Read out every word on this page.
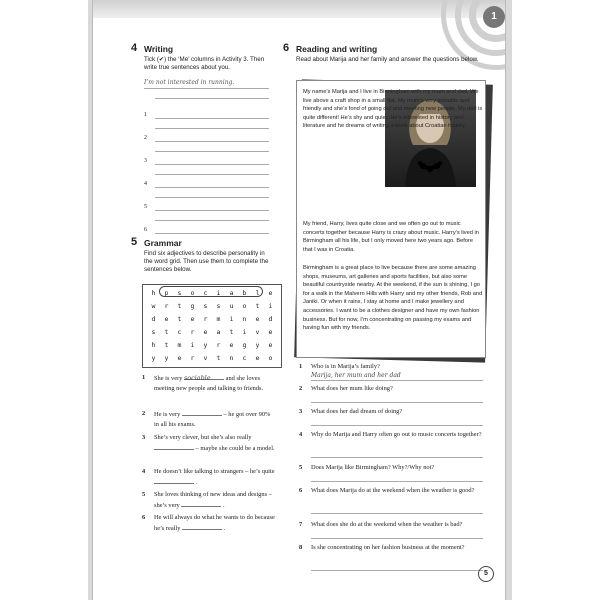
1
4 Writing
Tick (✔) the ‘Me’ columns in Activity 3. Then write true sentences about you.
I’m not interested in running.
1
2
3
4
5
6
5 Grammar
Find six adjectives to describe personality in the word grid. Then use them to complete the sentences below.
h	p	s	o	c	i	a	b	l	e
w	r	t	g	s	s	u	o	t	i
d	e	t	e	r	m	i	n	e	d
s	t	c	r	e	a	t	i	v	e
h	t	m	i	y	r	e	g	y	e
y	y	e	r	v	t	n	c	e	o
1 She is very sociable and she loves meeting new people and talking to friends.
2 He is very	– he got over 90% in all his exams.
3 She’s very clever, but she’s also really  – maybe she could be a model.
4 He doesn’t like talking to strangers – he’s quite  .
5 She loves thinking of new ideas and designs – she’s very	.
6 He will always do what he wants to do because he’s really	.
6 Reading and writing
Read about Marija and her family and answer the questions below.
My name’s Marija and I live in Birmingham with my mum and dad. We live above a craft shop in a small flat. My mum’s very sociable and friendly and she’s fond of going out and meeting new people. My dad is quite different! He’s shy and quiet. He’s interested in history and literature and he dreams of writing a book about Croatian history.
My friend, Harry, lives quite close and we often go out to music concerts together because Harry is crazy about music. Harry’s lived in Birmingham all his life, but I only moved here two years ago. Before that I was in Croatia.
Birmingham is a great place to live because there are some amazing shops, museums, art galleries and sports facilities, but also some beautiful countryside nearby. At the weekend, if the sun is shining, I go for a walk in the Malvern Hills with Harry and my other friends, Rob and Janiki. Or when it rains, I stay at home and I make jewellery and accessories. I want to be a clothes designer and have my own fashion business. But for now, I’m concentrating on passing my exams and having fun with my friends.
1 Who is in Marija’s family?
Marija, her mum and her dad
2 What does her mum like doing?
3 What does her dad dream of doing?
4 Why do Marija and Harry often go out to music concerts together?
5 Does Marija like Birmingham? Why?/Why not?
6 What does Marija do at the weekend when the weather is good?
7 What does she do at the weekend when the weather is bad?
8 Is she concentrating on her fashion business at the moment?
5
